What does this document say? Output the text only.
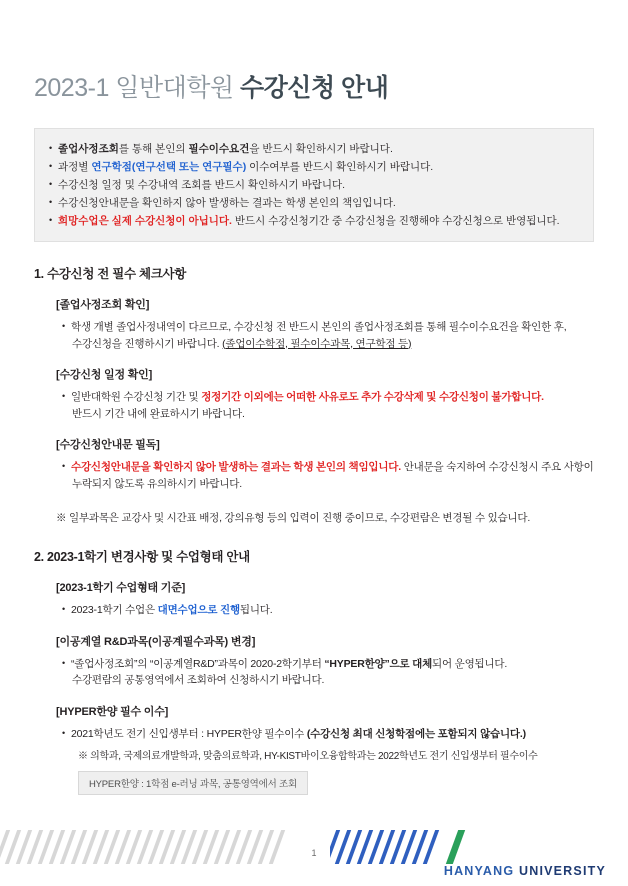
2023-1 일반대학원 수강신청 안내
• 졸업사정조회를 통해 본인의 필수이수요건을 반드시 확인하시기 바랍니다.
• 과정별 연구학점(연구선택 또는 연구필수) 이수여부를 반드시 확인하시기 바랍니다.
• 수강신청 일정 및 수강내역 조회를 반드시 확인하시기 바랍니다.
• 수강신청안내문을 확인하지 않아 발생하는 결과는 학생 본인의 책임입니다.
• 희망수업은 실제 수강신청이 아닙니다. 반드시 수강신청기간 중 수강신청을 진행해야 수강신청으로 반영됩니다.
1. 수강신청 전 필수 체크사항
[졸업사정조회 확인]
• 학생 개별 졸업사정내역이 다르므로, 수강신청 전 반드시 본인의 졸업사정조회를 통해 필수이수요건을 확인한 후,
수강신청을 진행하시기 바랍니다. (졸업이수학점, 필수이수과목, 연구학점 등)
[수강신청 일정 확인]
• 일반대학원 수강신청 기간 및 정정기간 이외에는 어떠한 사유로도 추가 수강삭제 및 수강신청이 불가합니다.
반드시 기간 내에 완료하시기 바랍니다.
[수강신청안내문 필독]
• 수강신청안내문을 확인하지 않아 발생하는 결과는 학생 본인의 책임입니다. 안내문을 숙지하여 수강신청시 주요 사항이
누락되지 않도록 유의하시기 바랍니다.
※ 일부과목은 교강사 및 시간표 배정, 강의유형 등의 입력이 진행 중이므로, 수강편람은 변경될 수 있습니다.
2. 2023-1학기 변경사항 및 수업형태 안내
[2023-1학기 수업형태 기준]
• 2023-1학기 수업은 대면수업으로 진행됩니다.
[이공계열 R&D과목(이공계필수과목) 변경]
• “졸업사정조회”의 “이공계열R&D”과목이 2020-2학기부터 “HYPER한양”으로 대체되어 운영됩니다.
수강편람의 공통영역에서 조회하여 신청하시기 바랍니다.
[HYPER한양 필수 이수]
• 2021학년도 전기 신입생부터 : HYPER한양 필수이수 (수강신청 최대 신청학점에는 포함되지 않습니다.)
※ 의학과, 국제의료개발학과, 맞춤의료학과, HY-KIST바이오융합학과는 2022학년도 전기 신입생부터 필수이수
HYPER한양 : 1학점 e-러닝 과목, 공통영역에서 조회
1
HANYANG UNIVERSITY
